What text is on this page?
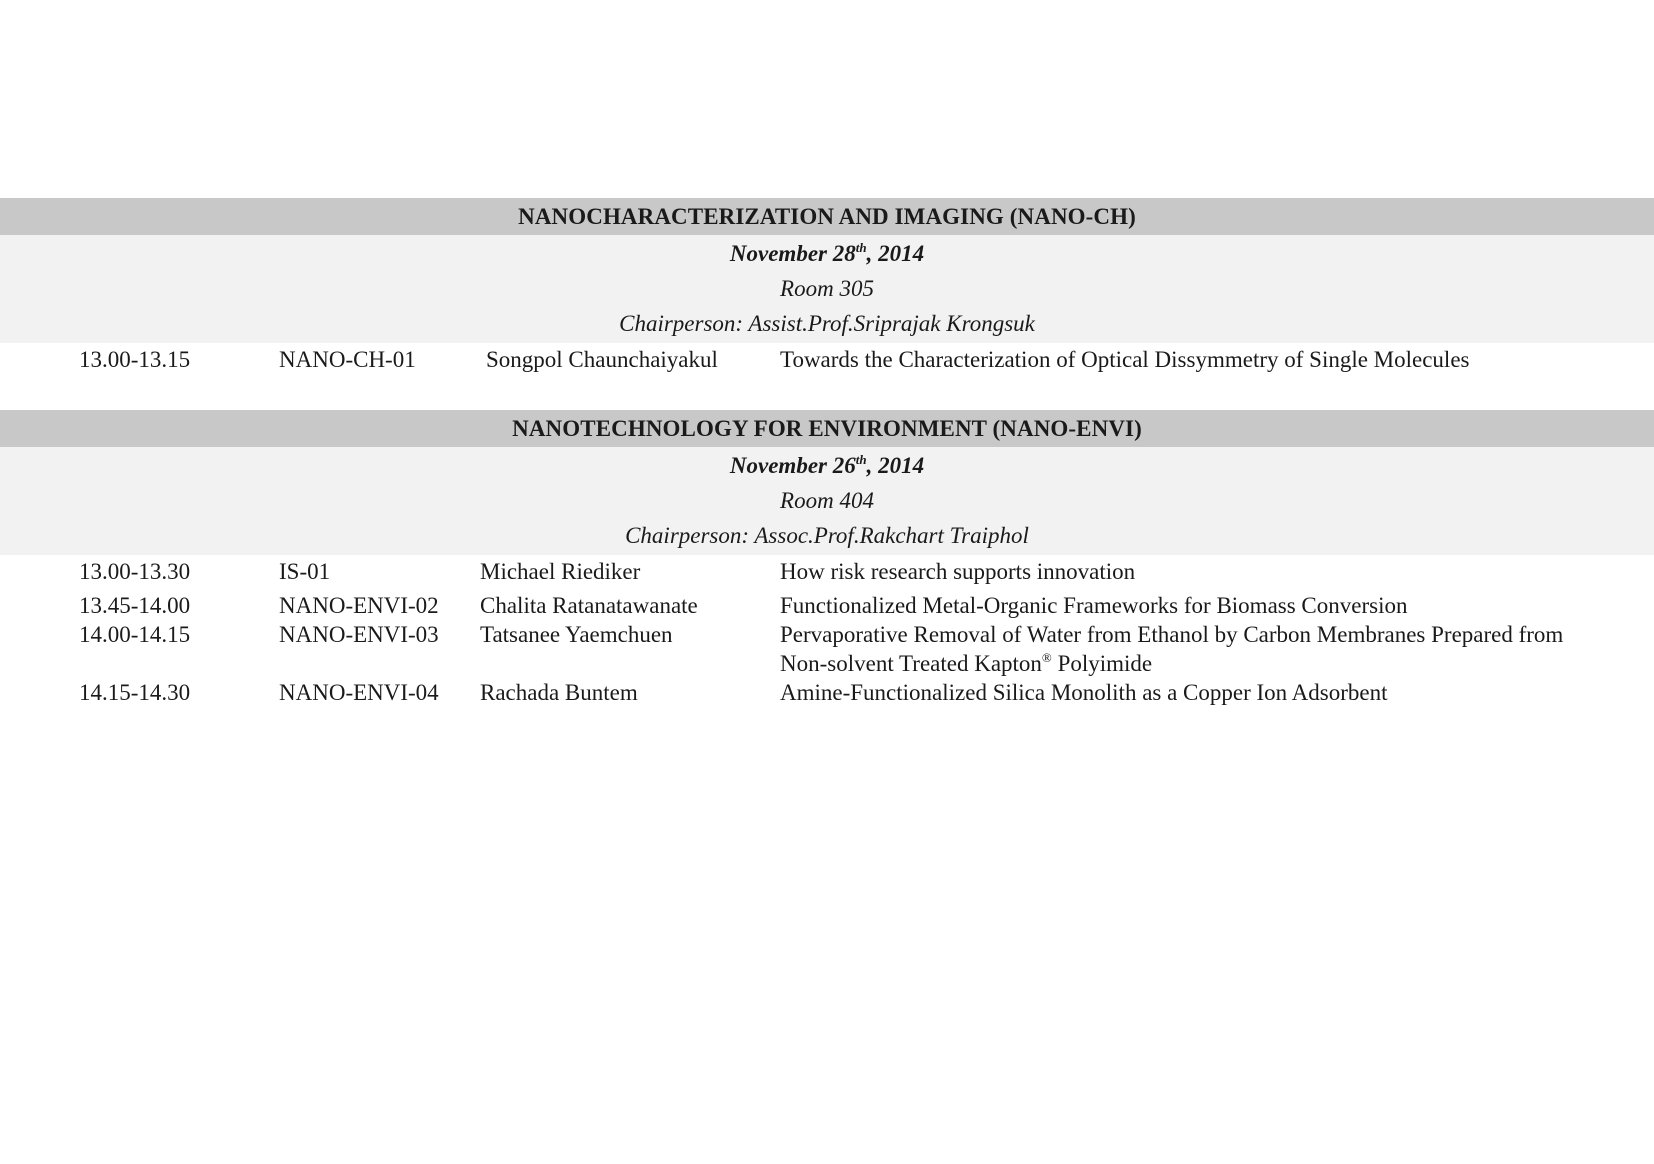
NANOCHARACTERIZATION AND IMAGING (NANO-CH)
November 28th, 2014
Room 305
Chairperson: Assist.Prof.Sriprajak Krongsuk
13.00-13.15	NANO-CH-01	Songpol Chaunchaiyakul	Towards the Characterization of Optical Dissymmetry of Single Molecules
NANOTECHNOLOGY FOR ENVIRONMENT (NANO-ENVI)
November 26th, 2014
Room 404
Chairperson: Assoc.Prof.Rakchart Traiphol
13.00-13.30	IS-01	Michael Riediker	How risk research supports innovation
13.45-14.00	NANO-ENVI-02 Chalita Ratanatawanate	Functionalized Metal-Organic Frameworks for Biomass Conversion
14.00-14.15	NANO-ENVI-03 Tatsanee Yaemchuen	Pervaporative Removal of Water from Ethanol by Carbon Membranes Prepared from Non-solvent Treated Kapton® Polyimide
14.15-14.30	NANO-ENVI-04 Rachada Buntem	Amine-Functionalized Silica Monolith as a Copper Ion Adsorbent
